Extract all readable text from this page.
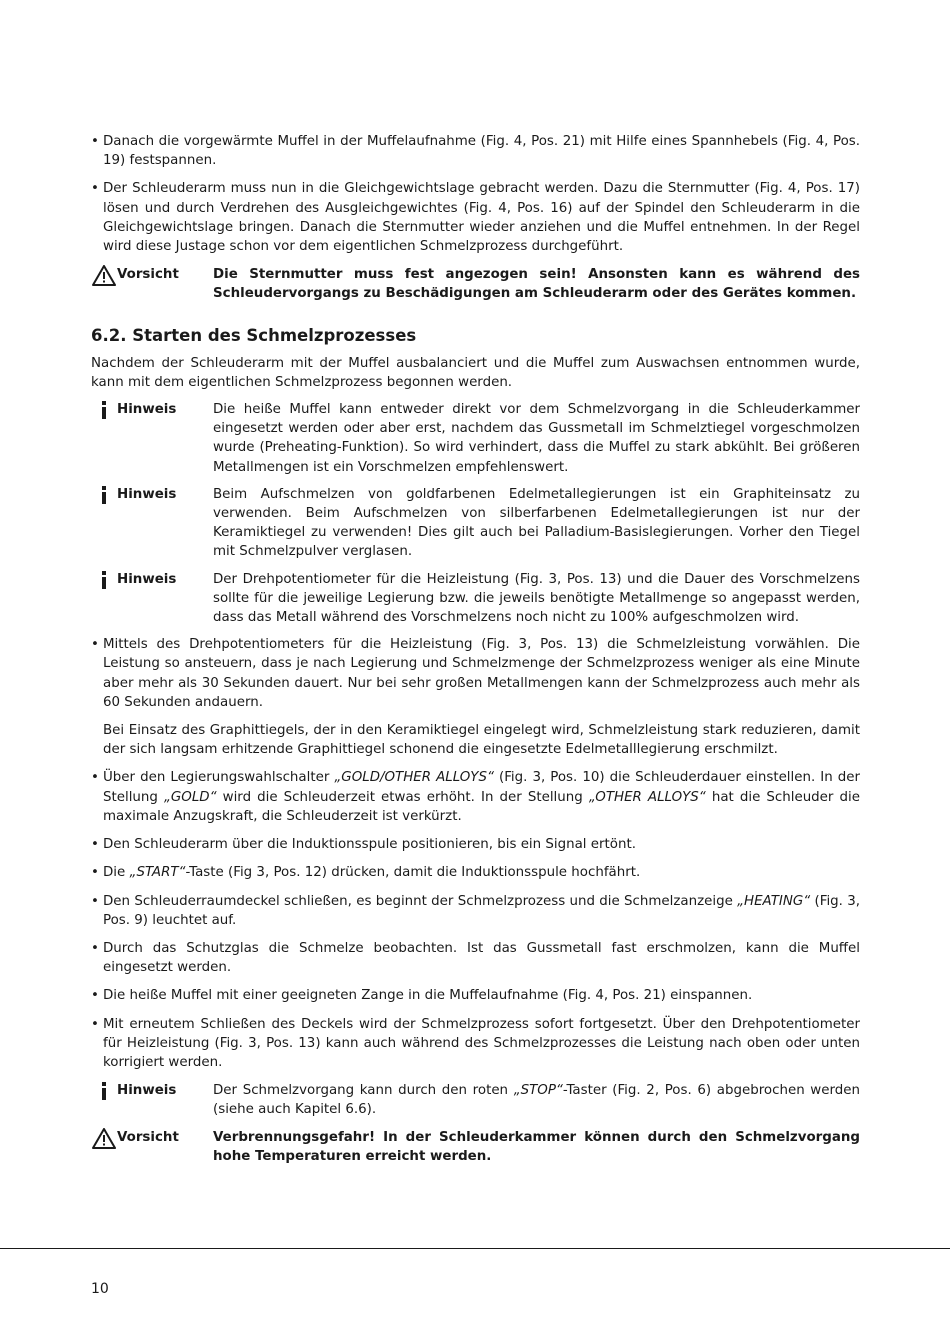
• Danach die vorgewärmte Muffel in der Muffelaufnahme (Fig. 4, Pos. 21) mit Hilfe eines Spannhebels (Fig. 4, Pos. 19) festspannen.

• Der Schleuderarm muss nun in die Gleichgewichtslage gebracht werden. Dazu die Sternmutter (Fig. 4, Pos. 17) lösen und durch Verdrehen des Ausgleichgewichtes (Fig. 4, Pos. 16) auf der Spindel den Schleuderarm in die Gleichgewichtslage bringen. Danach die Sternmutter wieder anziehen und die Muffel entnehmen. In der Regel wird diese Justage schon vor dem eigentlichen Schmelzprozess durchgeführt.

Vorsicht	Die Sternmutter muss fest angezogen sein! Ansonsten kann es während des Schleudervorgangs zu Beschädigungen am Schleuderarm oder des Gerätes kommen.

6.2. Starten des Schmelzprozesses

Nachdem der Schleuderarm mit der Muffel ausbalanciert und die Muffel zum Auswachsen entnommen wurde, kann mit dem eigentlichen Schmelzprozess begonnen werden.

Hinweis	Die heiße Muffel kann entweder direkt vor dem Schmelzvorgang in die Schleuderkammer eingesetzt werden oder aber erst, nachdem das Gussmetall im Schmelztiegel vorgeschmolzen wurde (Preheating-Funktion). So wird verhindert, dass die Muffel zu stark abkühlt. Bei größeren Metallmengen ist ein Vorschmelzen empfehlenswert.

Hinweis	Beim Aufschmelzen von goldfarbenen Edelmetallegierungen ist ein Graphiteinsatz zu verwenden. Beim Aufschmelzen von silberfarbenen Edelmetallegierungen ist nur der Keramiktiegel zu verwenden! Dies gilt auch bei Palladium-Basislegierungen. Vorher den Tiegel mit Schmelzpulver verglasen.

Hinweis	Der Drehpotentiometer für die Heizleistung (Fig. 3, Pos. 13) und die Dauer des Vorschmelzens sollte für die jeweilige Legierung bzw. die jeweils benötigte Metallmenge so angepasst werden, dass das Metall während des Vorschmelzens noch nicht zu 100% aufgeschmolzen wird.

• Mittels des Drehpotentiometers für die Heizleistung (Fig. 3, Pos. 13) die Schmelzleistung vorwählen. Die Leistung so ansteuern, dass je nach Legierung und Schmelzmenge der Schmelzprozess weniger als eine Minute aber mehr als 30 Sekunden dauert. Nur bei sehr großen Metallmengen kann der Schmelzprozess auch mehr als 60 Sekunden andauern.

Bei Einsatz des Graphittiegels, der in den Keramiktiegel eingelegt wird, Schmelzleistung stark reduzieren, damit der sich langsam erhitzende Graphittiegel schonend die eingesetzte Edelmetalllegierung erschmilzt.

• Über den Legierungswahlschalter „GOLD/OTHER ALLOYS“ (Fig. 3, Pos. 10) die Schleuderdauer einstellen. In der Stellung „GOLD“ wird die Schleuderzeit etwas erhöht. In der Stellung „OTHER ALLOYS“ hat die Schleuder die maximale Anzugskraft, die Schleuderzeit ist verkürzt.

• Den Schleuderarm über die Induktionsspule positionieren, bis ein Signal ertönt.

• Die „START“-Taste (Fig 3, Pos. 12) drücken, damit die Induktionsspule hochfährt.

• Den Schleuderraumdeckel schließen, es beginnt der Schmelzprozess und die Schmelzanzeige „HEATING“ (Fig. 3, Pos. 9) leuchtet auf.

• Durch das Schutzglas die Schmelze beobachten. Ist das Gussmetall fast erschmolzen, kann die Muffel eingesetzt werden.

• Die heiße Muffel mit einer geeigneten Zange in die Muffelaufnahme (Fig. 4, Pos. 21) einspannen.

• Mit erneutem Schließen des Deckels wird der Schmelzprozess sofort fortgesetzt. Über den Drehpotentiometer für Heizleistung (Fig. 3, Pos. 13) kann auch während des Schmelzprozesses die Leistung nach oben oder unten korrigiert werden.

Hinweis	Der Schmelzvorgang kann durch den roten „STOP“-Taster (Fig. 2, Pos. 6) abgebrochen werden (siehe auch Kapitel 6.6).

Vorsicht	Verbrennungsgefahr! In der Schleuderkammer können durch den Schmelzvorgang hohe Temperaturen erreicht werden.

10
